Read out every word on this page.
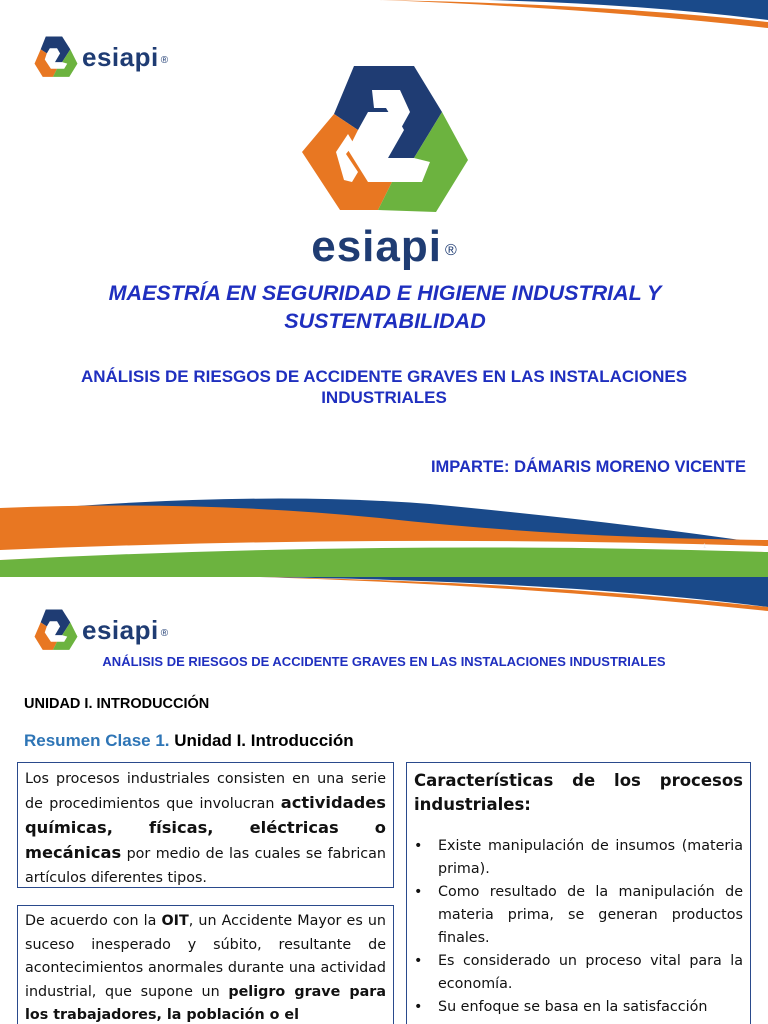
esiapi ®
esiapi ®
MAESTRÍA EN SEGURIDAD E HIGIENE INDUSTRIAL Y SUSTENTABILIDAD
ANÁLISIS DE RIESGOS DE ACCIDENTE GRAVES EN LAS INSTALACIONES INDUSTRIALES
IMPARTE: DÁMARIS MORENO VICENTE
1
esiapi ®
ANÁLISIS DE RIESGOS DE ACCIDENTE GRAVES EN LAS INSTALACIONES INDUSTRIALES
UNIDAD I. INTRODUCCIÓN
Resumen Clase 1. Unidad I. Introducción
Los procesos industriales consisten en una serie de procedimientos que involucran actividades químicas, físicas, eléctricas o mecánicas por medio de las cuales se fabrican artículos diferentes tipos.
Características de los procesos
industriales:
• Existe manipulación de insumos (materia prima).
• Como resultado de la manipulación de materia prima, se generan productos finales.
• Es considerado un proceso vital para la economía.
• Su enfoque se basa en la satisfacción
De acuerdo con la OIT, un Accidente Mayor es un suceso inesperado y súbito, resultante de acontecimientos anormales durante una actividad industrial, que supone un peligro grave para los trabajadores, la población o el
